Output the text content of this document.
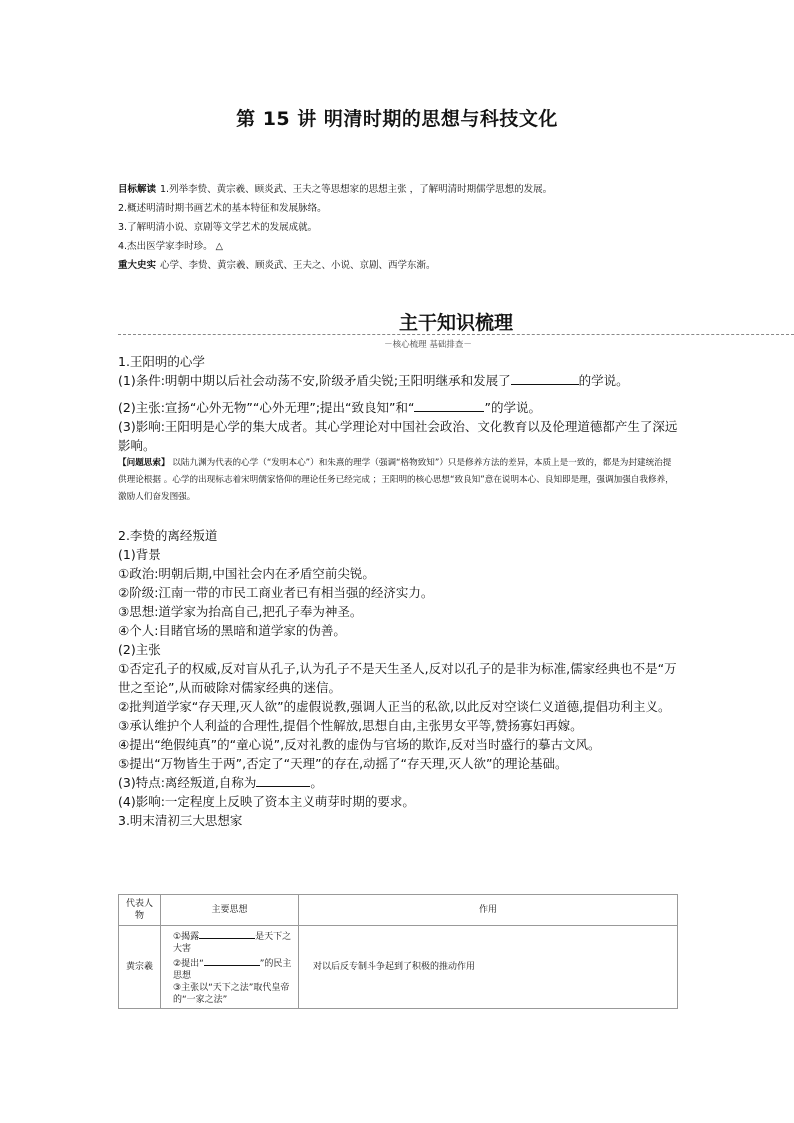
第 15 讲 明清时期的思想与科技文化
目标解读 1.列举李贽、黄宗羲、顾炎武、王夫之等思想家的思想主张 ，了解明清时期儒学思想的发展。
2.概述明清时期书画艺术的基本特征和发展脉络。
3.了解明清小说、京剧等文学艺术的发展成就。
4.杰出医学家李时珍。 △
重大史实 心学、李贽、黄宗羲、顾炎武、王夫之、小说、京剧、西学东渐。
主干知识梳理
－核心梳理 基础排查－

1.王阳明的心学

(1)条件:明朝中期以后社会动荡不安,阶级矛盾尖锐;王阳明继承和发展了	的学说。

(2)主张:宣扬“心外无物”“心外无理”;提出“致良知”和“	”的学说。

(3)影响:王阳明是心学的集大成者。其心学理论对中国社会政治、文化教育以及伦理道德都产生了深远影响。

【问题思索】 以陆九渊为代表的心学（“发明本心”）和朱熹的理学（强调“格物致知”）只是修养方法的差异，本质上是一致的，都是为封建统治提供理论根据 。心学的出现标志着宋明儒家恪仰的理论任务已经完成 ；王阳明的核心思想“致良知”意在说明本心、良知即是理，强调加强自我修养，激励人们奋发图强。

2.李贽的离经叛道

(1)背景

①政治:明朝后期,中国社会内在矛盾空前尖锐。

②阶级:江南一带的市民工商业者已有相当强的经济实力。

③思想:道学家为抬高自己,把孔子奉为神圣。

④个人:目睹官场的黑暗和道学家的伪善。

(2)主张

①否定孔子的权威,反对盲从孔子,认为孔子不是天生圣人,反对以孔子的是非为标准,儒家经典也不是“万世之至论”,从而破除对儒家经典的迷信。

②批判道学家“存天理,灭人欲”的虚假说教,强调人正当的私欲,以此反对空谈仁义道德,提倡功利主义。

③承认维护个人利益的合理性,提倡个性解放,思想自由,主张男女平等,赞扬寡妇再嫁。

④提出“绝假纯真”的“童心说”,反对礼教的虚伪与官场的欺诈,反对当时盛行的摹古文风。

⑤提出“万物皆生于两”,否定了“天理”的存在,动摇了“存天理,灭人欲”的理论基础。

(3)特点:离经叛道,自称为	。

(4)影响:一定程度上反映了资本主义萌芽时期的要求。

3.明末清初三大思想家

代表人物	主要思想	作用
黄宗羲	①揭露 是天下之大害
②提出“ ”的民主思想
③主张以“天下之法”取代皇帝的“一家之法”	对以后反专制斗争起到了积极的推动作用
